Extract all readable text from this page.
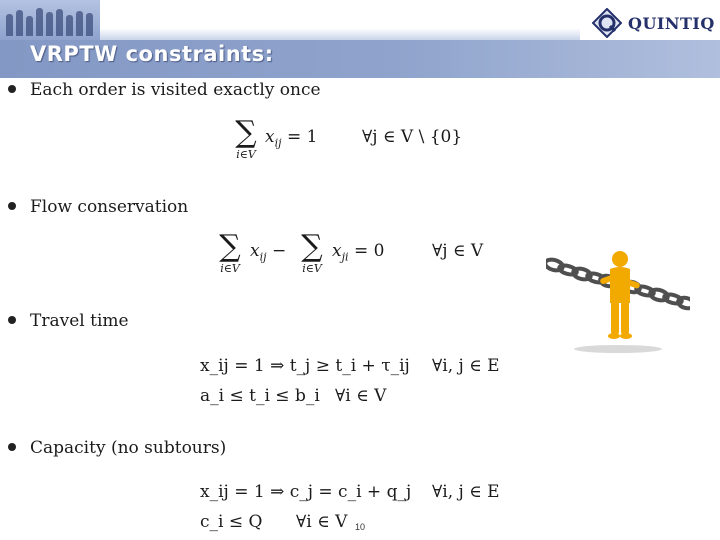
VRPTW constraints:
QUINTIQ
Each order is visited exactly once
∑
i∈V
$x_{ij} = 1$	∀j ∈ V \ {0}
Flow conservation
∑
i∈V
$x_{ij}$ − ∑
i∈V
$x_{ji} = 0$	∀j ∈ V
Travel time
x_ij = 1 ⇒ t_j ≥ t_i + τ_ij ∀i, j ∈ E
a_i ≤ t_i ≤ b_i ∀i ∈ V
Capacity (no subtours)
x_ij = 1 ⇒ c_j = c_i + q_j ∀i, j ∈ E
c_i ≤ Q ∀i ∈ V 10
